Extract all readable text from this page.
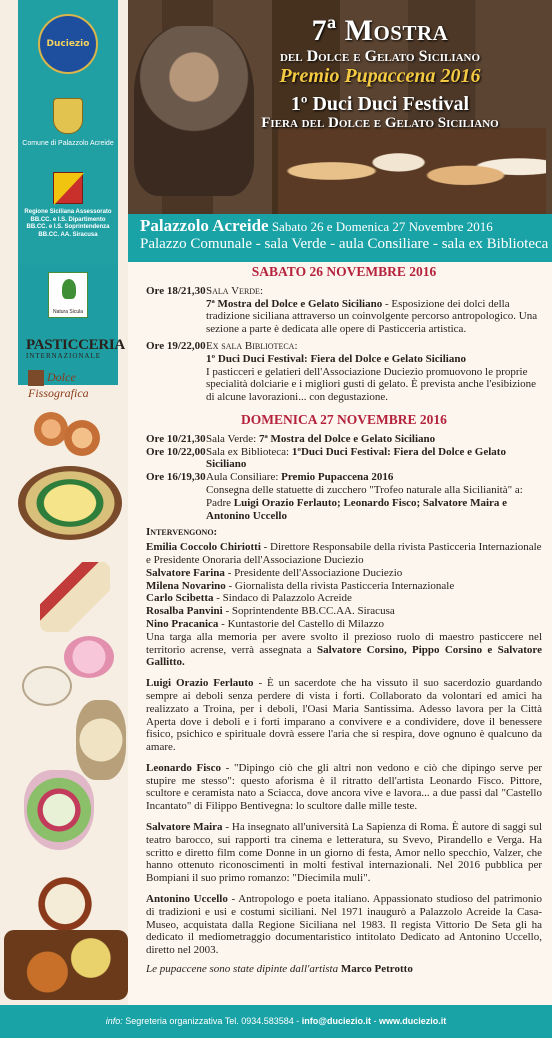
Duciezio
Comune di Palazzolo Acreide
Regione Siciliana Assessorato BB.CC. e I.S. Dipartimento BB.CC. e I.S. Soprintendenza BB.CC. AA. Siracusa
Natura Sicula
PASTICCERIA
INTERNAZIONALE
Dolce Fissografica
7ª Mostra
del Dolce e Gelato Siciliano
Premio Pupaccena 2016
1º Duci Duci Festival
Fiera del Dolce e Gelato Siciliano
Palazzolo Acreide Sabato 26 e Domenica 27 Novembre 2016
Palazzo Comunale - sala Verde - aula Consiliare - sala ex Biblioteca
SABATO 26 NOVEMBRE 2016
Ore 18/21,30 Sala Verde:
7ª Mostra del Dolce e Gelato Siciliano - Esposizione dei dolci della tradizione siciliana attraverso un coinvolgente percorso antropologico. Una sezione a parte è dedicata alle opere di Pasticceria artistica.
Ore 19/22,00 Ex sala Biblioteca:
1º Duci Duci Festival: Fiera del Dolce e Gelato Siciliano
I pasticceri e gelatieri dell'Associazione Duciezio promuovono le proprie specialità dolciarie e i migliori gusti di gelato. È prevista anche l'esibizione di alcune lavorazioni... con degustazione.
DOMENICA 27 NOVEMBRE 2016
Ore 10/21,30 Sala Verde: 7ª Mostra del Dolce e Gelato Siciliano
Ore 10/22,00 Sala ex Biblioteca: 1ºDuci Duci Festival: Fiera del Dolce e Gelato Siciliano
Ore 16/19,30 Aula Consiliare: Premio Pupaccena 2016
Consegna delle statuette di zucchero "Trofeo naturale alla Sicilianità" a: Padre Luigi Orazio Ferlauto; Leonardo Fisco; Salvatore Maira e Antonino Uccello
Intervengono:
Emilia Coccolo Chiriotti - Direttore Responsabile della rivista Pasticceria Internazionale e Presidente Onoraria dell'Associazione Duciezio
Salvatore Farina - Presidente dell'Associazione Duciezio
Milena Novarino - Giornalista della rivista Pasticceria Internazionale
Carlo Scibetta - Sindaco di Palazzolo Acreide
Rosalba Panvini - Soprintendente BB.CC.AA. Siracusa
Nino Pracanica - Kuntastorie del Castello di Milazzo
Una targa alla memoria per avere svolto il prezioso ruolo di maestro pasticcere nel territorio acrense, verrà assegnata a Salvatore Corsino, Pippo Corsino e Salvatore Gallitto.
Luigi Orazio Ferlauto - È un sacerdote che ha vissuto il suo sacerdozio guardando sempre ai deboli senza perdere di vista i forti. Collaborato da volontari ed amici ha realizzato a Troina, per i deboli, l'Oasi Maria Santissima. Adesso lavora per la Città Aperta dove i deboli e i forti imparano a convivere e a condividere, dove il benessere fisico, psichico e spirituale dovrà essere l'aria che si respira, dove ognuno è qualcuno da amare.
Leonardo Fisco - "Dipingo ciò che gli altri non vedono e ciò che dipingo serve per stupire me stesso": questo aforisma è il ritratto dell'artista Leonardo Fisco. Pittore, scultore e ceramista nato a Sciacca, dove ancora vive e lavora... a due passi dal "Castello Incantato" di Filippo Bentivegna: lo scultore dalle mille teste.
Salvatore Maira - Ha insegnato all'università La Sapienza di Roma. È autore di saggi sul teatro barocco, sui rapporti tra cinema e letteratura, su Svevo, Pirandello e Verga. Ha scritto e diretto film come Donne in un giorno di festa, Amor nello specchio, Valzer, che hanno ottenuto riconoscimenti in molti festival internazionali. Nel 2016 pubblica per Bompiani il suo primo romanzo: "Diecimila muli".
Antonino Uccello - Antropologo e poeta italiano. Appassionato studioso del patrimonio di tradizioni e usi e costumi siciliani. Nel 1971 inaugurò a Palazzolo Acreide la Casa-Museo, acquistata dalla Regione Siciliana nel 1983. Il regista Vittorio De Seta gli ha dedicato il mediometraggio documentaristico intitolato Dedicato ad Antonino Uccello, diretto nel 2003.
Le pupaccene sono state dipinte dall'artista Marco Petrotto
info: Segreteria organizzativa Tel. 0934.583584 - info@duciezio.it - www.duciezio.it
